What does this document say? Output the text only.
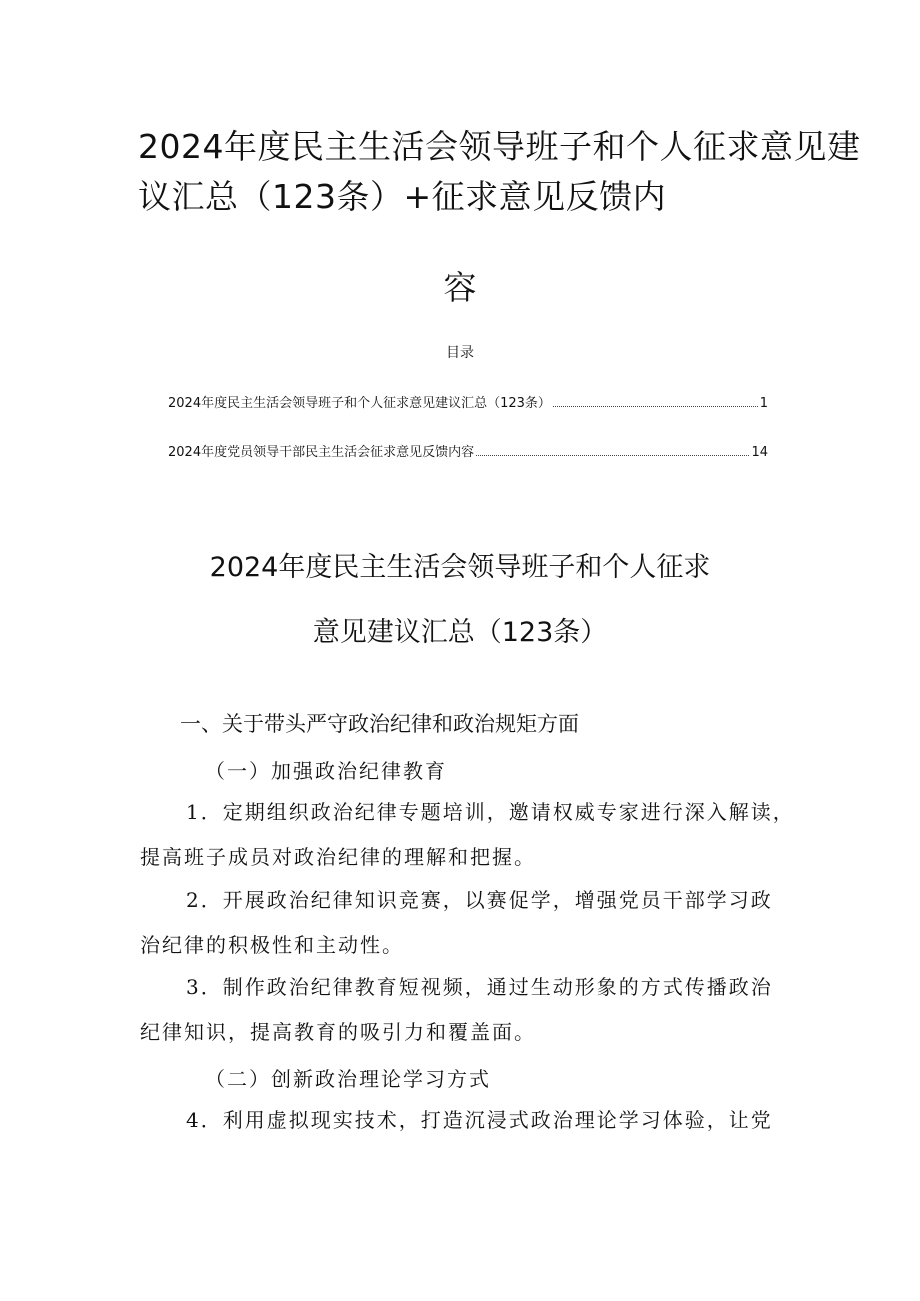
2024年度民主生活会领导班子和个人征求意见建
议汇总（123条）+征求意见反馈内
容
目录
2024年度民主生活会领导班子和个人征求意见建议汇总（123条）	1
2024年度党员领导干部民主生活会征求意见反馈内容	14
2024年度民主生活会领导班子和个人征求
意见建议汇总（123条）
一、关于带头严守政治纪律和政治规矩方面
（一）加强政治纪律教育
1．定期组织政治纪律专题培训，邀请权威专家进行深入解读，
提高班子成员对政治纪律的理解和把握。
2．开展政治纪律知识竞赛，以赛促学，增强党员干部学习政
治纪律的积极性和主动性。
3．制作政治纪律教育短视频，通过生动形象的方式传播政治
纪律知识，提高教育的吸引力和覆盖面。
（二）创新政治理论学习方式
4．利用虚拟现实技术，打造沉浸式政治理论学习体验，让党
